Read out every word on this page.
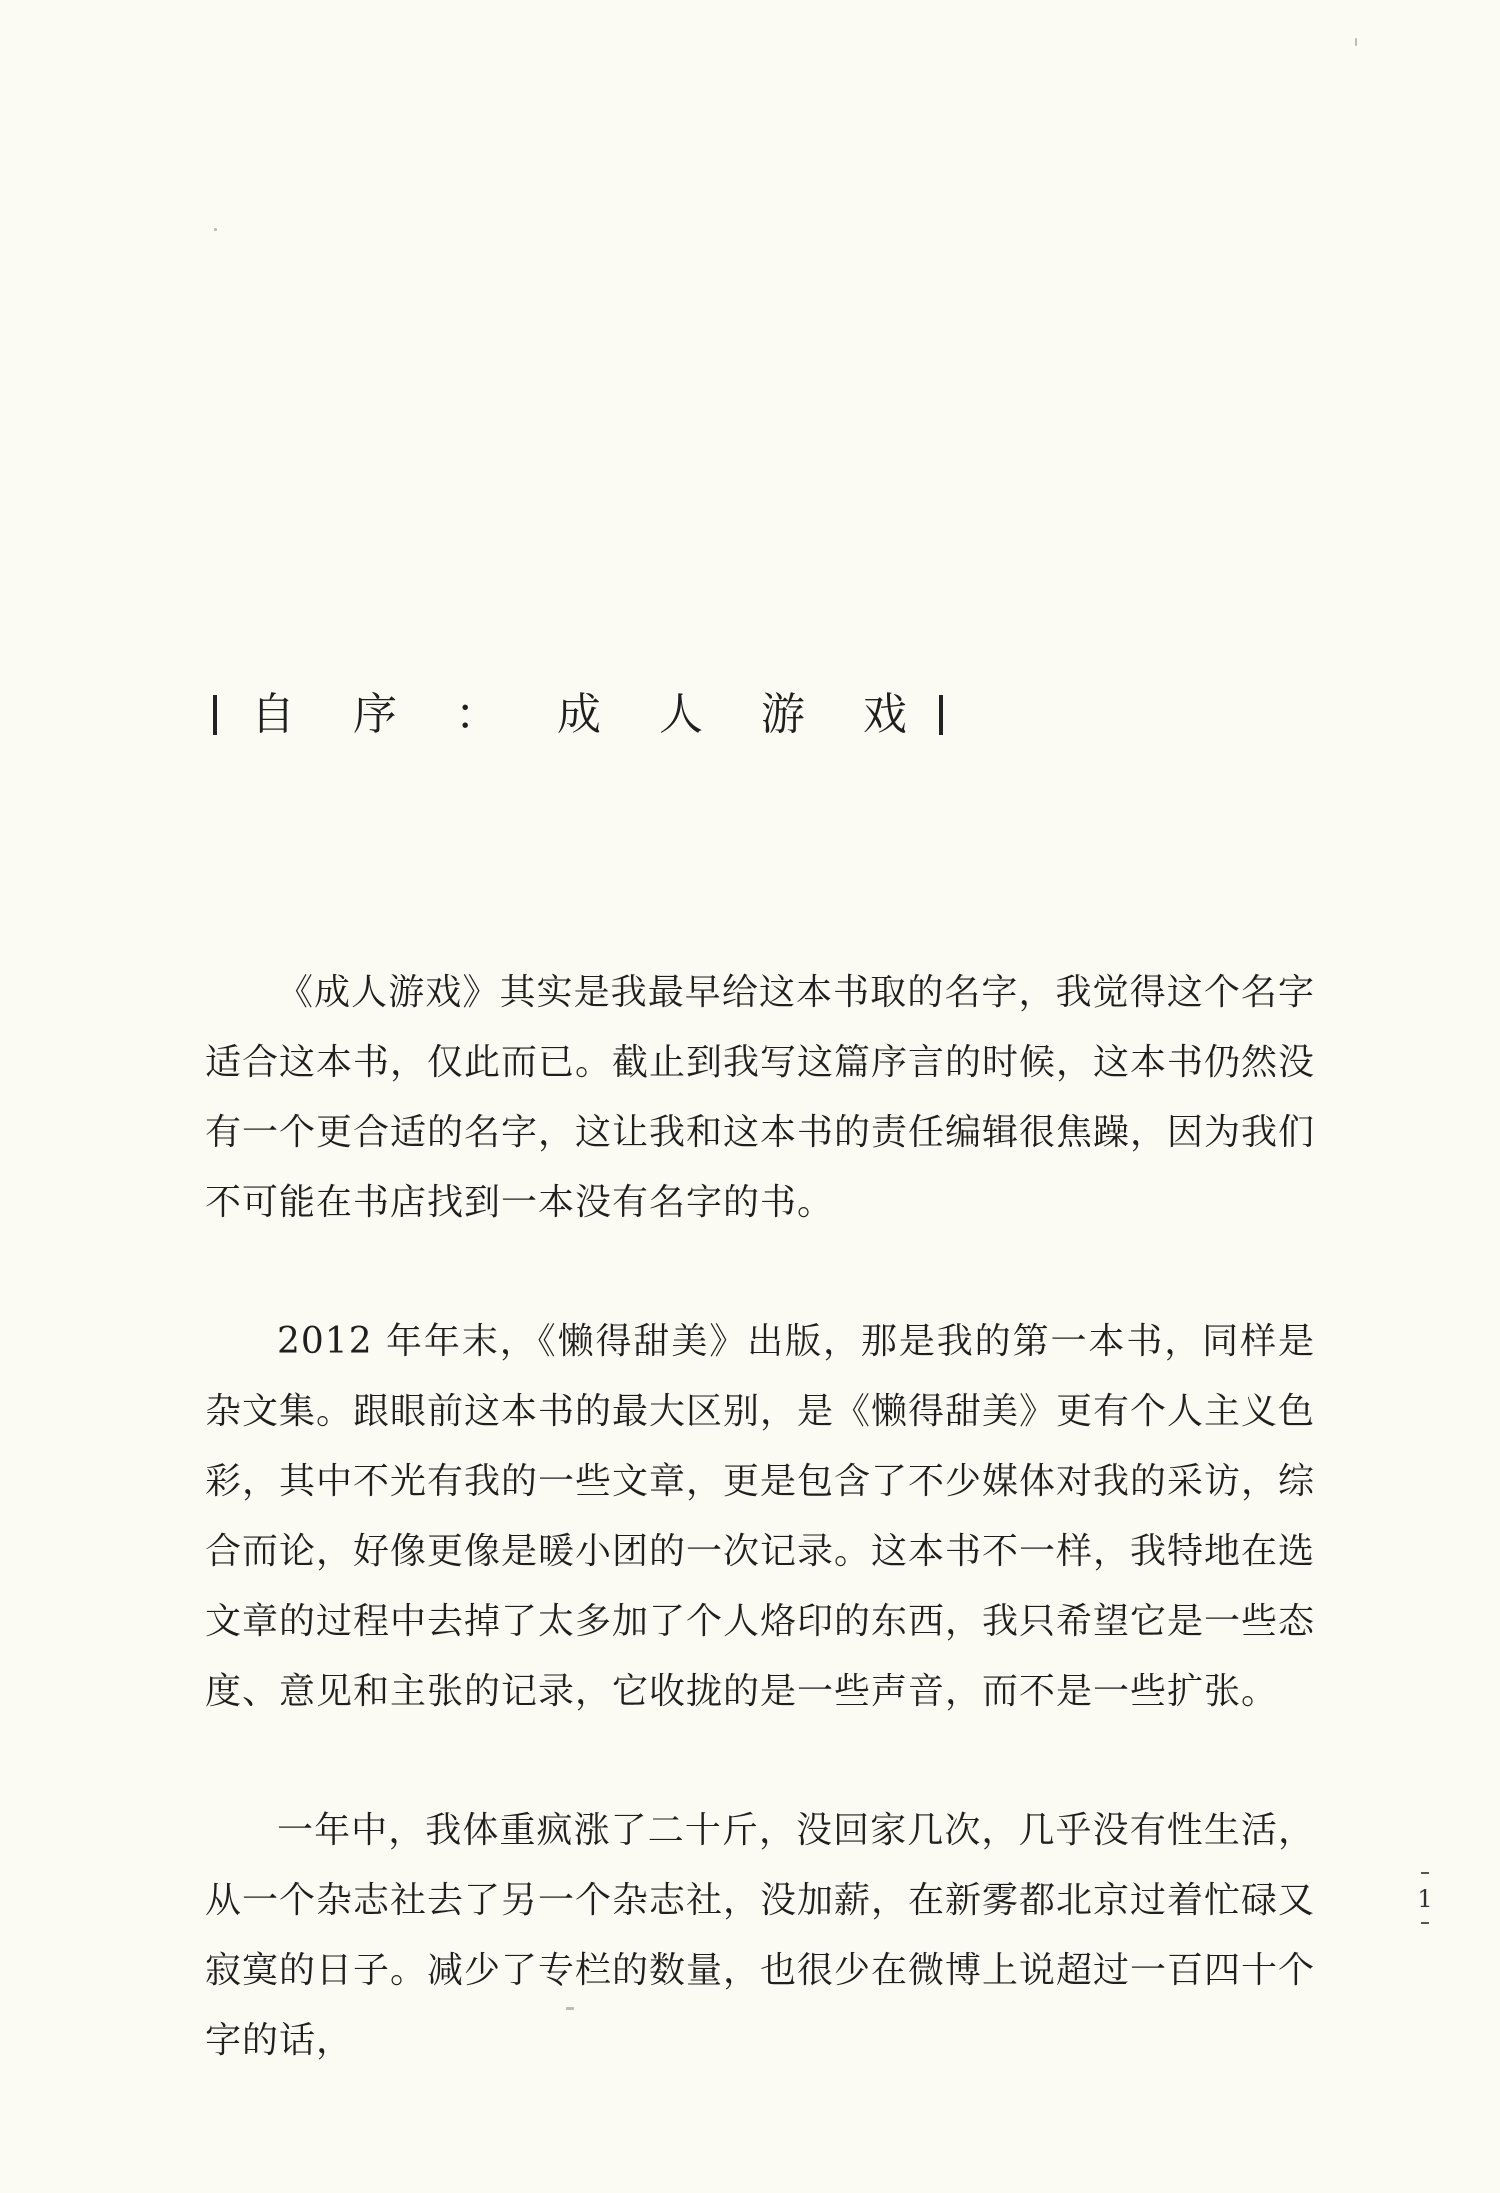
自 序 ： 成 人 游 戏

《成人游戏》其实是我最早给这本书取的名字，我觉得这个名字适合这本书，仅此而已。截止到我写这篇序言的时候，这本书仍然没有一个更合适的名字，这让我和这本书的责任编辑很焦躁，因为我们不可能在书店找到一本没有名字的书。

2012 年年末，《懒得甜美》出版，那是我的第一本书，同样是杂文集。跟眼前这本书的最大区别，是《懒得甜美》更有个人主义色彩，其中不光有我的一些文章，更是包含了不少媒体对我的采访，综合而论，好像更像是暖小团的一次记录。这本书不一样，我特地在选文章的过程中去掉了太多加了个人烙印的东西，我只希望它是一些态度、意见和主张的记录，它收拢的是一些声音，而不是一些扩张。

一年中，我体重疯涨了二十斤，没回家几次，几乎没有性生活，从一个杂志社去了另一个杂志社，没加薪，在新雾都北京过着忙碌又寂寞的日子。减少了专栏的数量，也很少在微博上说超过一百四十个字的话，

1
